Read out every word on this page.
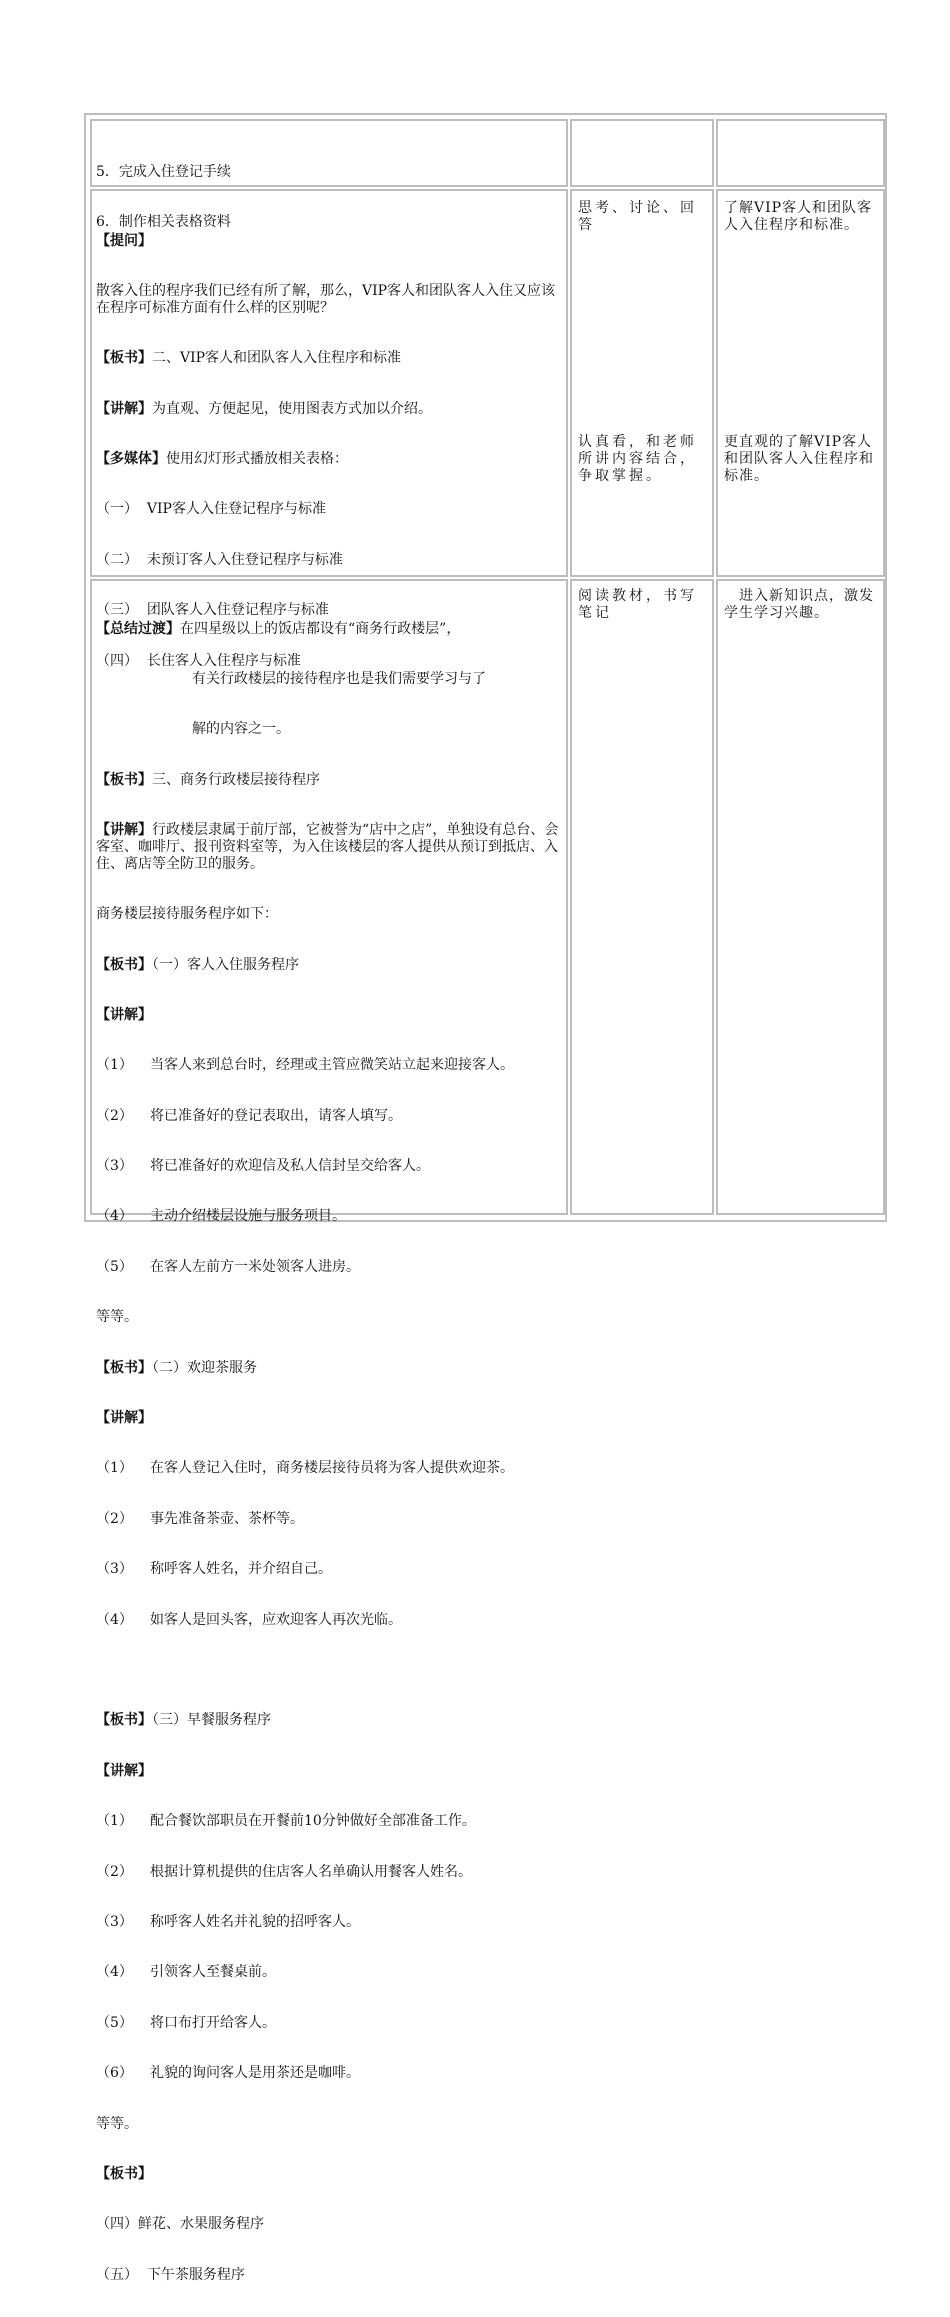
5．完成入住登记手续

6．制作相关表格资料

【提问】

散客入住的程序我们已经有所了解，那么，VIP客人和团队客人入住又应该在程序可标准方面有什么样的区别呢？

【板书】二、VIP客人和团队客人入住程序和标准

【讲解】为直观、方便起见，使用图表方式加以介绍。

【多媒体】使用幻灯形式播放相关表格：

（一）  VIP客人入住登记程序与标准

（二）  未预订客人入住登记程序与标准

（三）  团队客人入住登记程序与标准

（四）  长住客人入住程序与标准

思考、讨论、回答
认真看，和老师所讲内容结合，争取掌握。
了解VIP客人和团队客人入住程序和标准。
更直观的了解VIP客人和团队客人入住程序和标准。

【总结过渡】在四星级以上的饭店都设有“商务行政楼层”，

有关行政楼层的接待程序也是我们需要学习与了

解的内容之一。

【板书】三、商务行政楼层接待程序

【讲解】行政楼层隶属于前厅部，它被誉为“店中之店”，单独设有总台、会客室、咖啡厅、报刊资料室等，为入住该楼层的客人提供从预订到抵店、入住、离店等全防卫的服务。

商务楼层接待服务程序如下：

【板书】（一）客人入住服务程序

【讲解】

（1） 当客人来到总台时，经理或主管应微笑站立起来迎接客人。

（2） 将已准备好的登记表取出，请客人填写。

（3） 将已准备好的欢迎信及私人信封呈交给客人。

（4） 主动介绍楼层设施与服务项目。

（5） 在客人左前方一米处领客人进房。

等等。

【板书】（二）欢迎茶服务

【讲解】

（1） 在客人登记入住时，商务楼层接待员将为客人提供欢迎茶。

（2） 事先准备茶壶、茶杯等。

（3） 称呼客人姓名，并介绍自己。

（4） 如客人是回头客，应欢迎客人再次光临。

【板书】（三）早餐服务程序

【讲解】

（1） 配合餐饮部职员在开餐前10分钟做好全部准备工作。

（2） 根据计算机提供的住店客人名单确认用餐客人姓名。

（3） 称呼客人姓名并礼貌的招呼客人。

（4） 引领客人至餐桌前。

（5） 将口布打开给客人。

（6） 礼貌的询问客人是用茶还是咖啡。

等等。

【板书】

（四）鲜花、水果服务程序

（五）  下午茶服务程序

阅读教材，书写笔记
　进入新知识点，激发学生学习兴趣。
